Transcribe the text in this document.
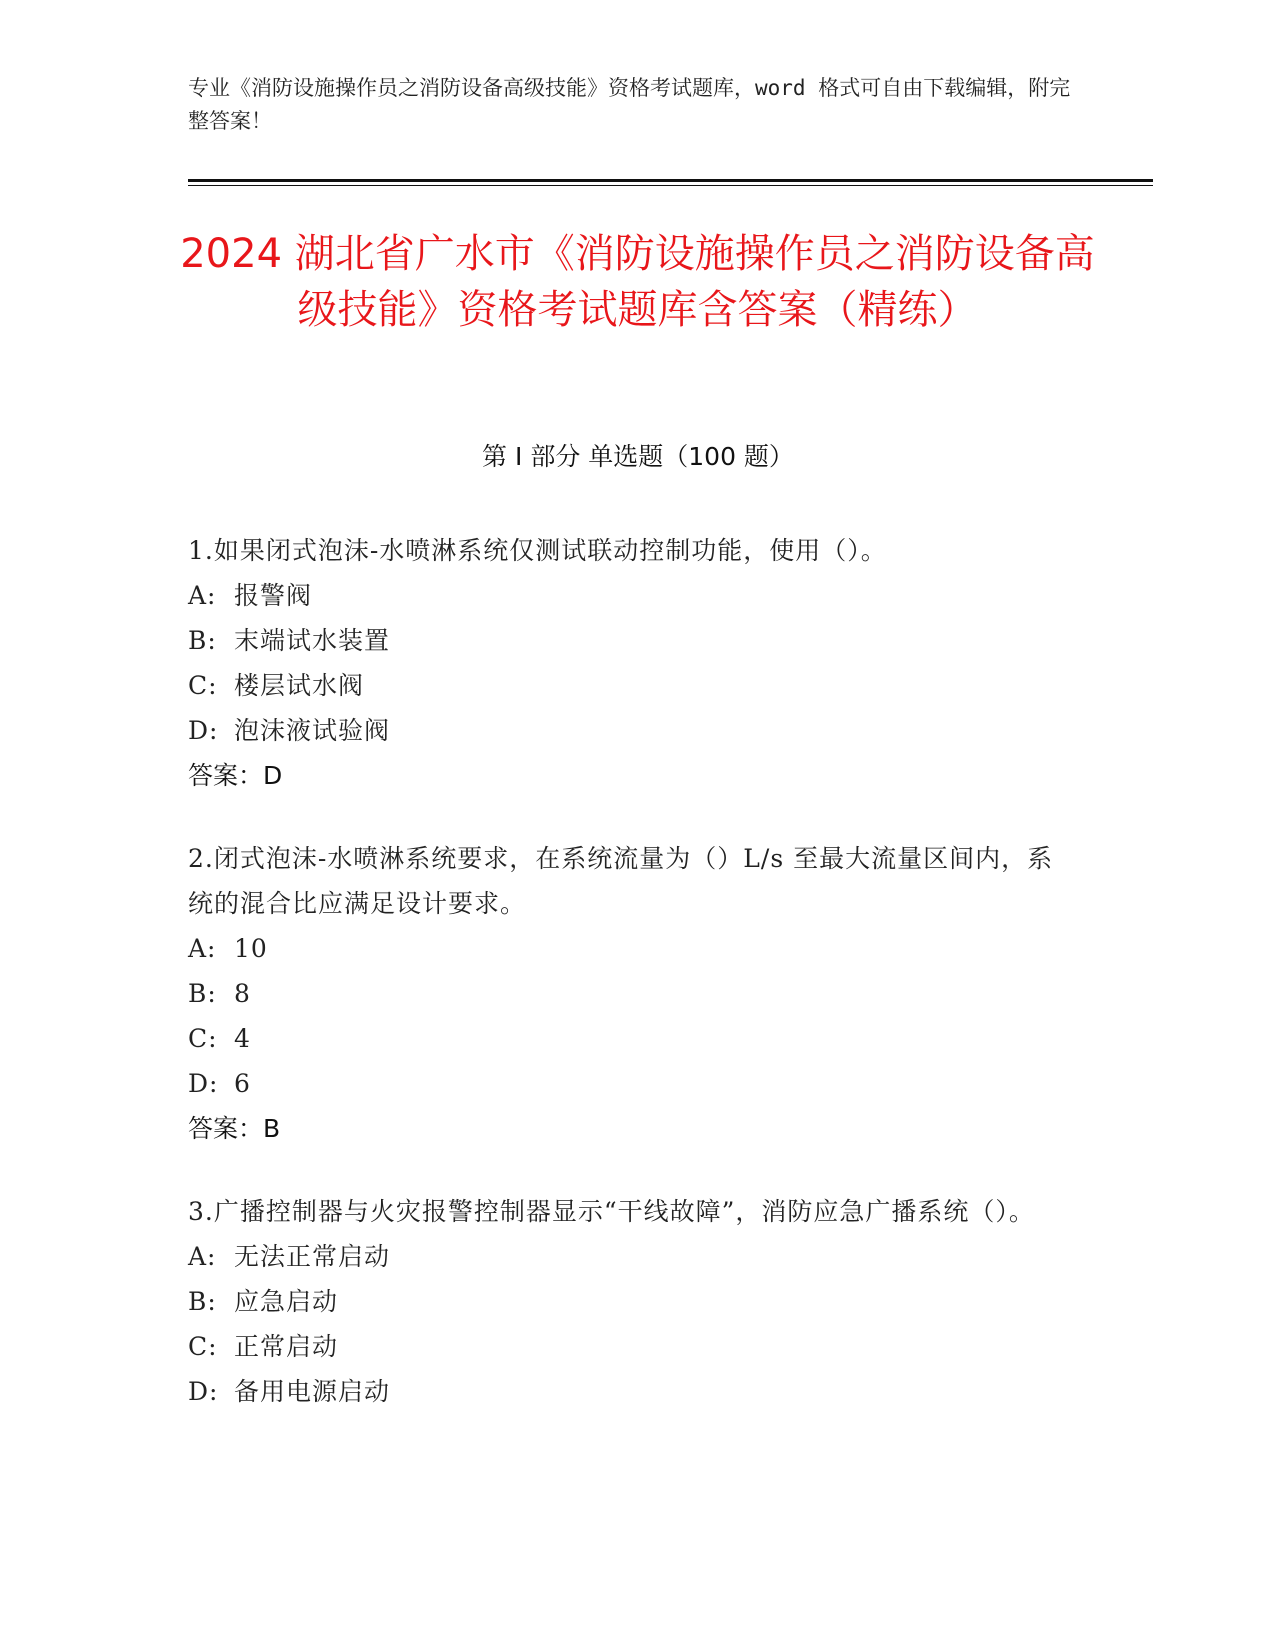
专业《消防设施操作员之消防设备高级技能》资格考试题库，word 格式可自由下载编辑，附完整答案！
2024 湖北省广水市《消防设施操作员之消防设备高级技能》资格考试题库含答案（精练）
第 I 部分 单选题（100 题）
1.如果闭式泡沫-水喷淋系统仅测试联动控制功能，使用（）。
A: 报警阀
B: 末端试水装置
C: 楼层试水阀
D: 泡沫液试验阀
答案：D
2.闭式泡沫-水喷淋系统要求，在系统流量为（）L/s 至最大流量区间内，系统的混合比应满足设计要求。
A: 10
B: 8
C: 4
D: 6
答案：B
3.广播控制器与火灾报警控制器显示“干线故障”，消防应急广播系统（）。
A: 无法正常启动
B: 应急启动
C: 正常启动
D: 备用电源启动
